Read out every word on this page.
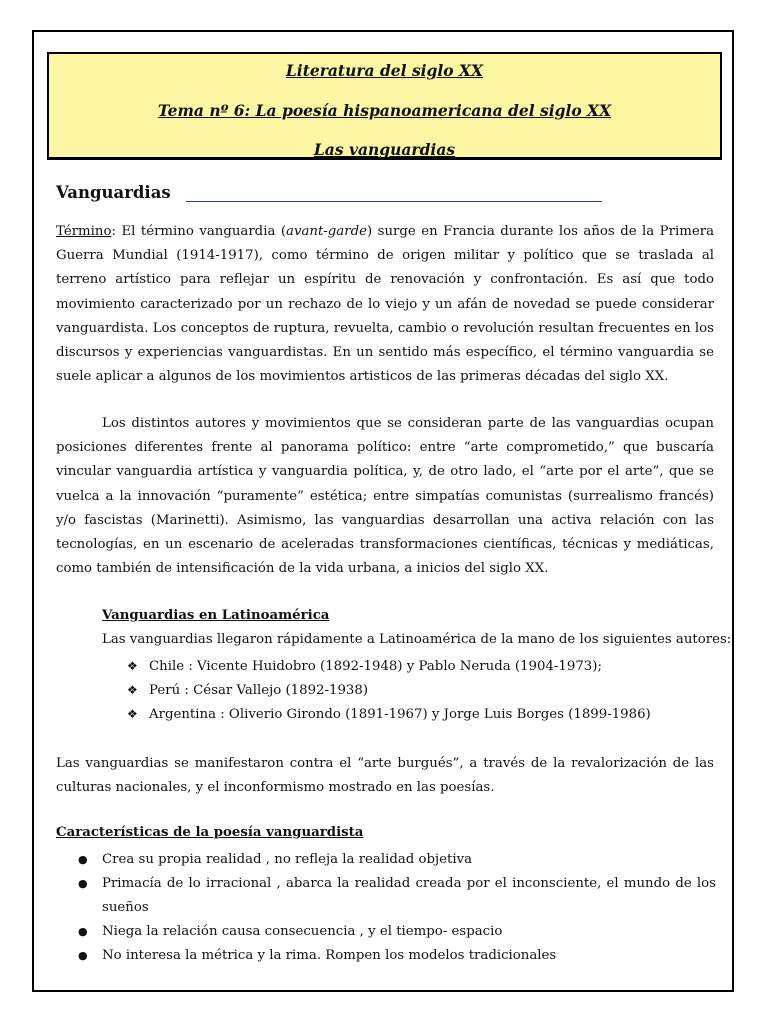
Literatura del siglo XX
Tema nº 6: La poesía hispanoamericana del siglo XX
Las vanguardias
Vanguardias

Término: El término vanguardia (avant-garde) surge en Francia durante los años de la Primera Guerra Mundial (1914-1917), como término de origen militar y político que se traslada al terreno artístico para reflejar un espíritu de renovación y confrontación. Es así que todo movimiento caracterizado por un rechazo de lo viejo y un afán de novedad se puede considerar vanguardista. Los conceptos de ruptura, revuelta, cambio o revolución resultan frecuentes en los discursos y experiencias vanguardistas. En un sentido más específico, el término vanguardia se suele aplicar a algunos de los movimientos artisticos de las primeras décadas del siglo XX.

Los distintos autores y movimientos que se consideran parte de las vanguardias ocupan posiciones diferentes frente al panorama político: entre “arte comprometido,” que buscaría vincular vanguardia artística y vanguardia política, y, de otro lado, el “arte por el arte”, que se vuelca a la innovación “puramente” estética; entre simpatías comunistas (surrealismo francés) y/o fascistas (Marinetti). Asimismo, las vanguardias desarrollan una activa relación con las tecnologías, en un escenario de aceleradas transformaciones científicas, técnicas y mediáticas, como también de intensificación de la vida urbana, a inicios del siglo XX.

Vanguardias en Latinoamérica
Las vanguardias llegaron rápidamente a Latinoamérica de la mano de los siguientes autores:
❖ Chile : Vicente Huidobro (1892-1948) y Pablo Neruda (1904-1973);
❖ Perú : César Vallejo (1892-1938)
❖ Argentina : Oliverio Girondo (1891-1967) y Jorge Luis Borges (1899-1986)

Las vanguardias se manifestaron contra el “arte burgués”, a través de la revalorización de las culturas nacionales, y el inconformismo mostrado en las poesías.

Características de la poesía vanguardista
● Crea su propia realidad , no refleja la realidad objetiva
● Primacía de lo irracional , abarca la realidad creada por el inconsciente, el mundo de los sueños
● Niega la relación causa consecuencia , y el tiempo- espacio
● No interesa la métrica y la rima. Rompen los modelos tradicionales
